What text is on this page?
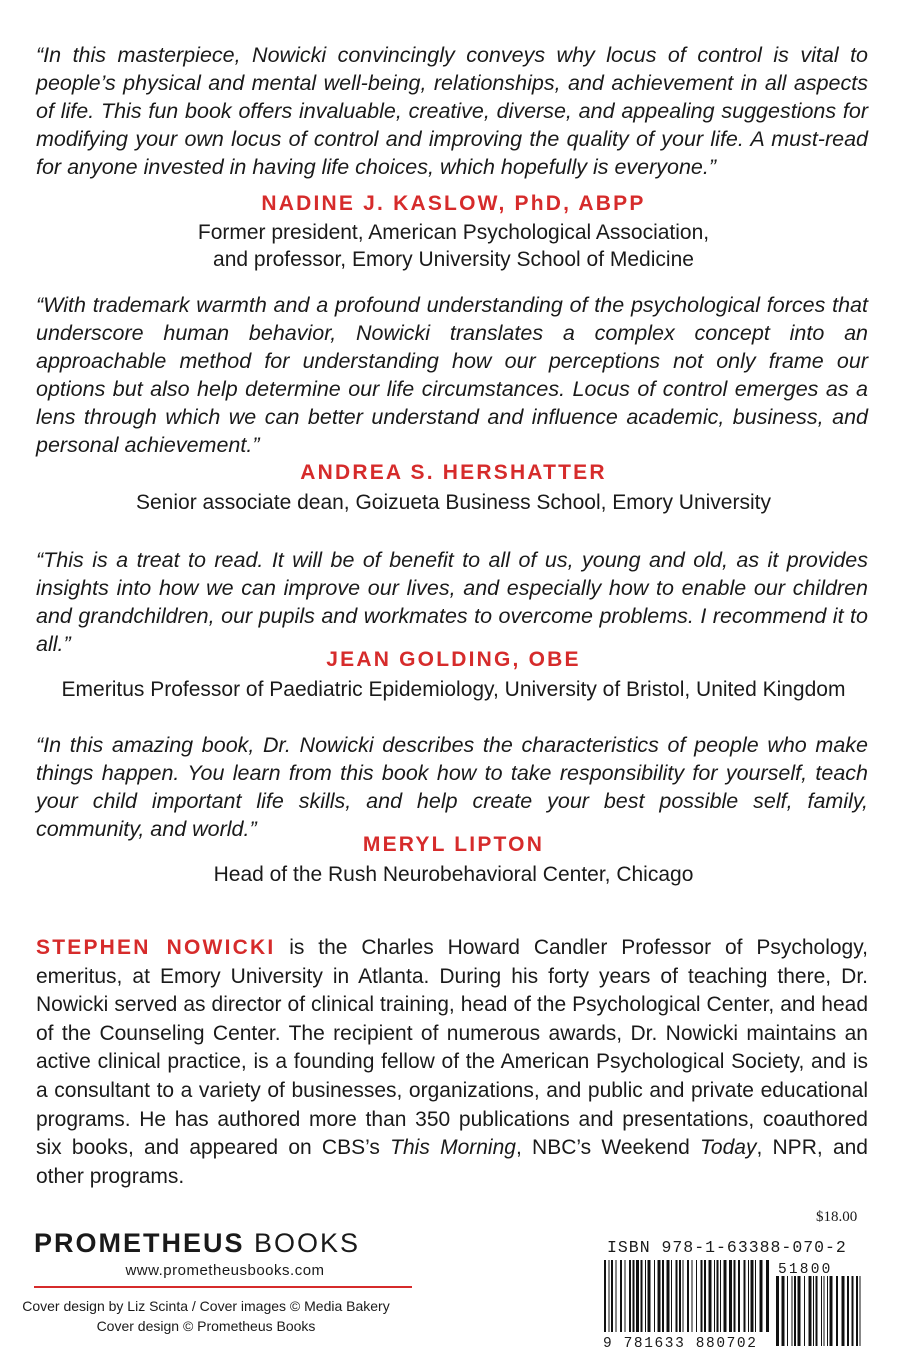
“In this masterpiece, Nowicki convincingly conveys why locus of control is vital to people’s physical and mental well-being, relationships, and achievement in all aspects of life. This fun book offers invaluable, creative, diverse, and appealing suggestions for modifying your own locus of control and improving the quality of your life. A must-read for anyone invested in having life choices, which hopefully is everyone.”
NADINE J. KASLOW, PhD, ABPP
Former president, American Psychological Association,
and professor, Emory University School of Medicine
“With trademark warmth and a profound understanding of the psychological forces that underscore human behavior, Nowicki translates a complex concept into an approachable method for understanding how our perceptions not only frame our options but also help determine our life circumstances. Locus of control emerges as a lens through which we can better understand and influence academic, business, and personal achievement.”
ANDREA S. HERSHATTER
Senior associate dean, Goizueta Business School, Emory University
“This is a treat to read. It will be of benefit to all of us, young and old, as it provides insights into how we can improve our lives, and especially how to enable our children and grandchildren, our pupils and workmates to overcome problems. I recommend it to all.”
JEAN GOLDING, OBE
Emeritus Professor of Paediatric Epidemiology, University of Bristol, United Kingdom
“In this amazing book, Dr. Nowicki describes the characteristics of people who make things happen. You learn from this book how to take responsibility for yourself, teach your child important life skills, and help create your best possible self, family, community, and world.”
MERYL LIPTON
Head of the Rush Neurobehavioral Center, Chicago
STEPHEN NOWICKI is the Charles Howard Candler Professor of Psychology, emeritus, at Emory University in Atlanta. During his forty years of teaching there, Dr. Nowicki served as director of clinical training, head of the Psychological Center, and head of the Counseling Center. The recipient of numerous awards, Dr. Nowicki maintains an active clinical practice, is a founding fellow of the American Psychological Society, and is a consultant to a variety of businesses, organizations, and public and private educational programs. He has authored more than 350 publications and presentations, coauthored six books, and appeared on CBS’s This Morning, NBC’s Weekend Today, NPR, and other programs.
PROMETHEUS BOOKS
www.prometheusbooks.com
Cover design by Liz Scinta / Cover images © Media Bakery
Cover design © Prometheus Books
$18.00
ISBN 978-1-63388-070-2
9 781633 880702
51800
